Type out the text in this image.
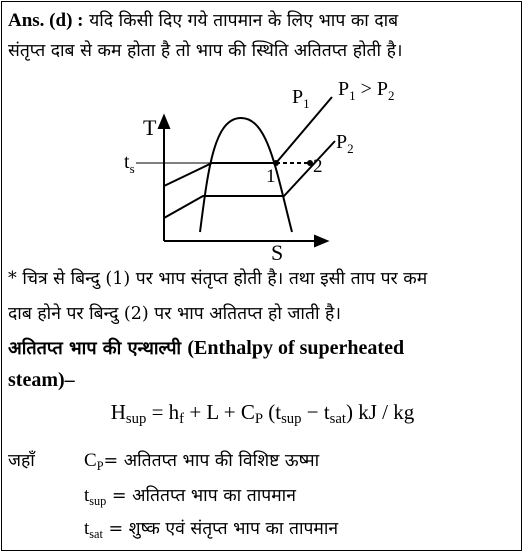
Ans. (d) : यदि किसी दिए गये तापमान के लिए भाप का दाब
संतृप्त दाब से कम होता है तो भाप की स्थिति अतितप्त होती है।
T
S
$t_s$
$P_1$
$P_2$
$P_1 > P_2$
1 2
* चित्र से बिन्दु (1) पर भाप संतृप्त होती है। तथा इसी ताप पर कम
दाब होने पर बिन्दु (2) पर भाप अतितप्त हो जाती है।
अतितप्त भाप की एन्थाल्पी (Enthalpy of superheated
steam)–
$H_{sup} = h_f + L + C_P$ $(t_{sup} - t_{sat})$ kJ / kg
जहाँ	$C_P=$ अतितप्त भाप की विशिष्ट ऊष्मा
$t_{sup}$ = अतितप्त भाप का तापमान
$t_{sat}$ = शुष्क एवं संतृप्त भाप का तापमान
